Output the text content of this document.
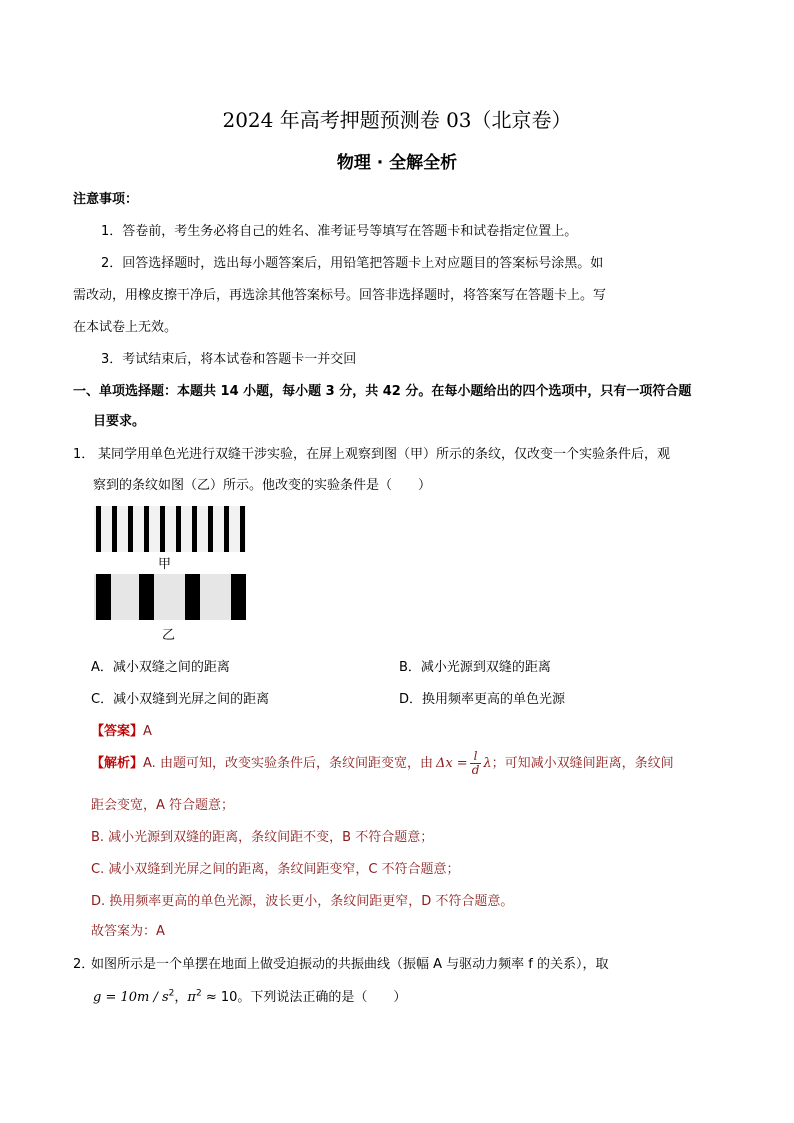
2024 年高考押题预测卷 03（北京卷）
物理 · 全解全析
注意事项：
1．答卷前，考生务必将自己的姓名、准考证号等填写在答题卡和试卷指定位置上。
2．回答选择题时，选出每小题答案后，用铅笔把答题卡上对应题目的答案标号涂黑。如
需改动，用橡皮擦干净后，再选涂其他答案标号。回答非选择题时，将答案写在答题卡上。写
在本试卷上无效。
3．考试结束后，将本试卷和答题卡一并交回
一、单项选择题：本题共 14 小题，每小题 3 分，共 42 分。在每小题给出的四个选项中，只有一项符合题
目要求。
1． 某同学用单色光进行双缝干涉实验，在屏上观察到图（甲）所示的条纹，仅改变一个实验条件后，观
察到的条纹如图（乙）所示。他改变的实验条件是（　　）
甲
乙
A．减小双缝之间的距离	B．减小光源到双缝的距离
C．减小双缝到光屏之间的距离	D．换用频率更高的单色光源
【答案】A
【解析】A. 由题可知，改变实验条件后，条纹间距变宽，由 $\Delta x = \frac{l}{d}$ λ；可知减小双缝间距离，条纹间
距会变宽，A 符合题意；
B. 减小光源到双缝的距离，条纹间距不变，B 不符合题意；
C. 减小双缝到光屏之间的距离，条纹间距变窄，C 不符合题意；
D. 换用频率更高的单色光源，波长更小，条纹间距更窄，D 不符合题意。
故答案为：A
2．
如图所示是一个单摆在地面上做受迫振动的共振曲线（振幅 A 与驱动力频率 f 的关系），取
$g = 10m / s^2$，$\pi^2 \approx 10$。下列说法正确的是（　　）
